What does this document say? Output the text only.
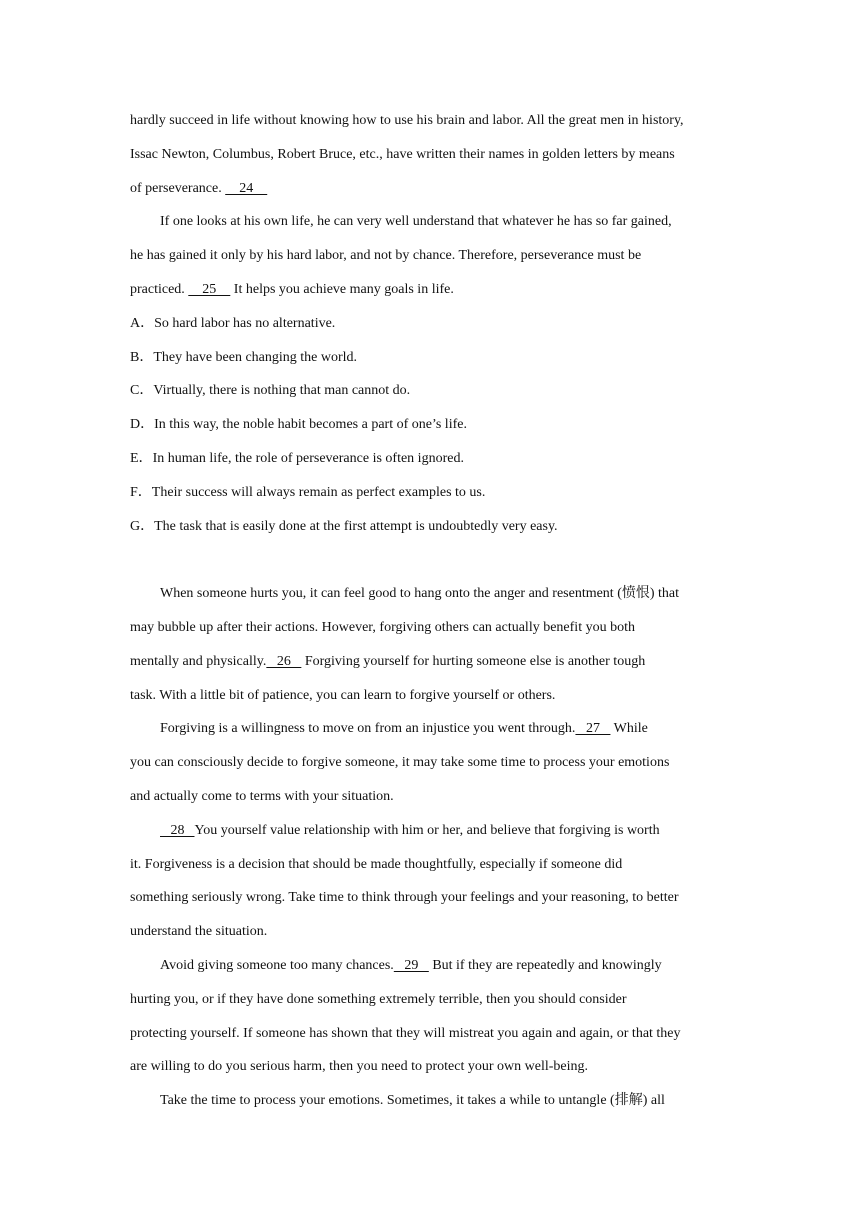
hardly succeed in life without knowing how to use his brain and labor. All the great men in history,
Issac Newton, Columbus, Robert Bruce, etc., have written their names in golden letters by means
of perseverance.     24
If one looks at his own life, he can very well understand that whatever he has so far gained,
he has gained it only by his hard labor, and not by chance. Therefore, perseverance must be
practiced.     25     It helps you achieve many goals in life.
A．So hard labor has no alternative.
B．They have been changing the world.
C．Virtually, there is nothing that man cannot do.
D．In this way, the noble habit becomes a part of one’s life.
E．In human life, the role of perseverance is often ignored.
F．Their success will always remain as perfect examples to us.
G．The task that is easily done at the first attempt is undoubtedly very easy.
When someone hurts you, it can feel good to hang onto the anger and resentment (愤恨) that
may bubble up after their actions. However, forgiving others can actually benefit you both
mentally and physically.   26    Forgiving yourself for hurting someone else is another tough
task. With a little bit of patience, you can learn to forgive yourself or others.
Forgiving is a willingness to move on from an injustice you went through.   27    While
you can consciously decide to forgive someone, it may take some time to process your emotions
and actually come to terms with your situation.
28   You yourself value relationship with him or her, and believe that forgiving is worth
it. Forgiveness is a decision that should be made thoughtfully, especially if someone did
something seriously wrong. Take time to think through your feelings and your reasoning, to better
understand the situation.
Avoid giving someone too many chances.   29    But if they are repeatedly and knowingly
hurting you, or if they have done something extremely terrible, then you should consider
protecting yourself. If someone has shown that they will mistreat you again and again, or that they
are willing to do you serious harm, then you need to protect your own well-being.
Take the time to process your emotions. Sometimes, it takes a while to untangle (排解) all
